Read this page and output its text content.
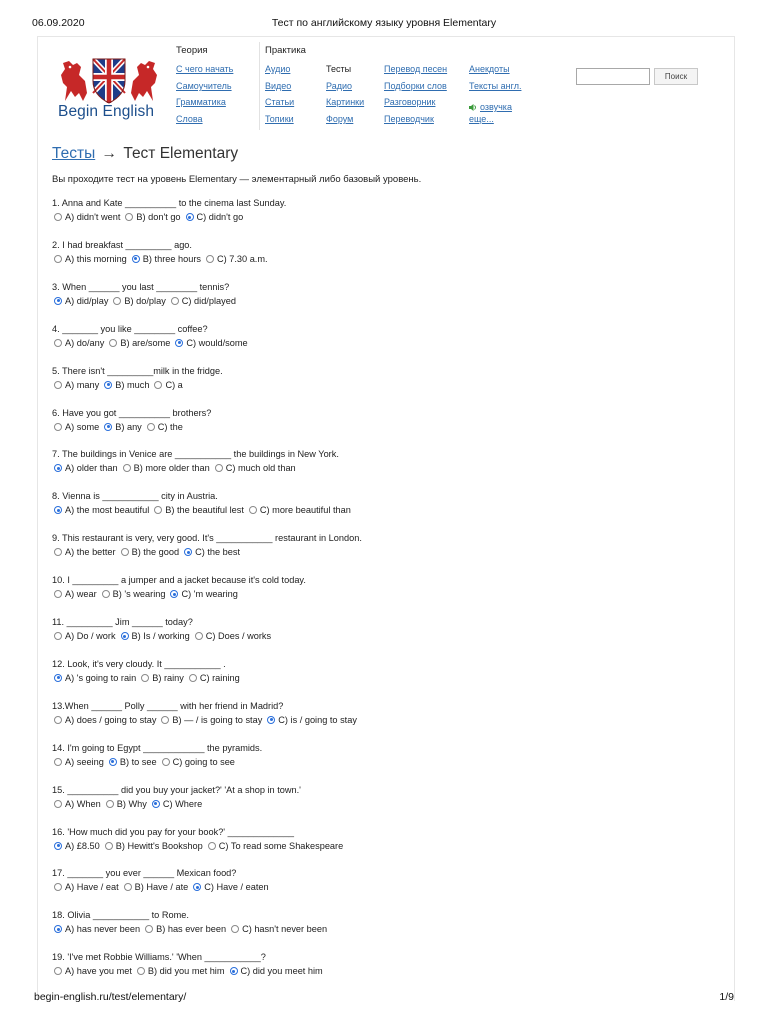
06.09.2020	Тест по английскому языку уровня Elementary
Begin English
Теория	Практика
С чего начать
Самоучитель
Грамматика
Слова
Аудио
Видео
Статьи
Топики
Тесты
Радио
Картинки
Форум
Перевод песен
Подборки слов
Разговорник
Переводчик
Анекдоты
Тексты англ.
озвучка
еще...
Поиск
Тесты → Тест Elementary
Вы проходите тест на уровень Elementary — элементарный либо базовый уровень.
1. Anna and Kate __________ to the cinema last Sunday.
A) didn't went B) don't go C) didn't go
2. I had breakfast _________ ago.
A) this morning B) three hours C) 7.30 a.m.
3. When ______ you last ________ tennis?
A) did/play B) do/play C) did/played
4. _______ you like ________ coffee?
A) do/any B) are/some C) would/some
5. There isn't _________milk in the fridge.
A) many B) much C) a
6. Have you got __________ brothers?
A) some B) any C) the
7. The buildings in Venice are ___________ the buildings in New York.
A) older than B) more older than C) much old than
8. Vienna is ___________ city in Austria.
A) the most beautiful B) the beautiful lest C) more beautiful than
9. This restaurant is very, very good. It's ___________ restaurant in London.
A) the better B) the good C) the best
10. I _________ a jumper and a jacket because it's cold today.
A) wear B) 's wearing C) 'm wearing
11. _________ Jim ______ today?
A) Do / work B) Is / working C) Does / works
12. Look, it's very cloudy. It ___________ .
A) 's going to rain B) rainy C) raining
13.When ______ Polly ______ with her friend in Madrid?
A) does / going to stay B) — / is going to stay C) is / going to stay
14. I'm going to Egypt ____________ the pyramids.
A) seeing B) to see C) going to see
15. __________ did you buy your jacket?' 'At a shop in town.'
A) When B) Why C) Where
16. 'How much did you pay for your book?' _____________
A) £8.50 B) Hewitt's Bookshop C) To read some Shakespeare
17. _______ you ever ______ Mexican food?
A) Have / eat B) Have / ate C) Have / eaten
18. Olivia ___________ to Rome.
A) has never been B) has ever been C) hasn't never been
19. 'I've met Robbie Williams.' 'When ___________?
A) have you met B) did you met him C) did you meet him
begin-english.ru/test/elementary/	1/9
